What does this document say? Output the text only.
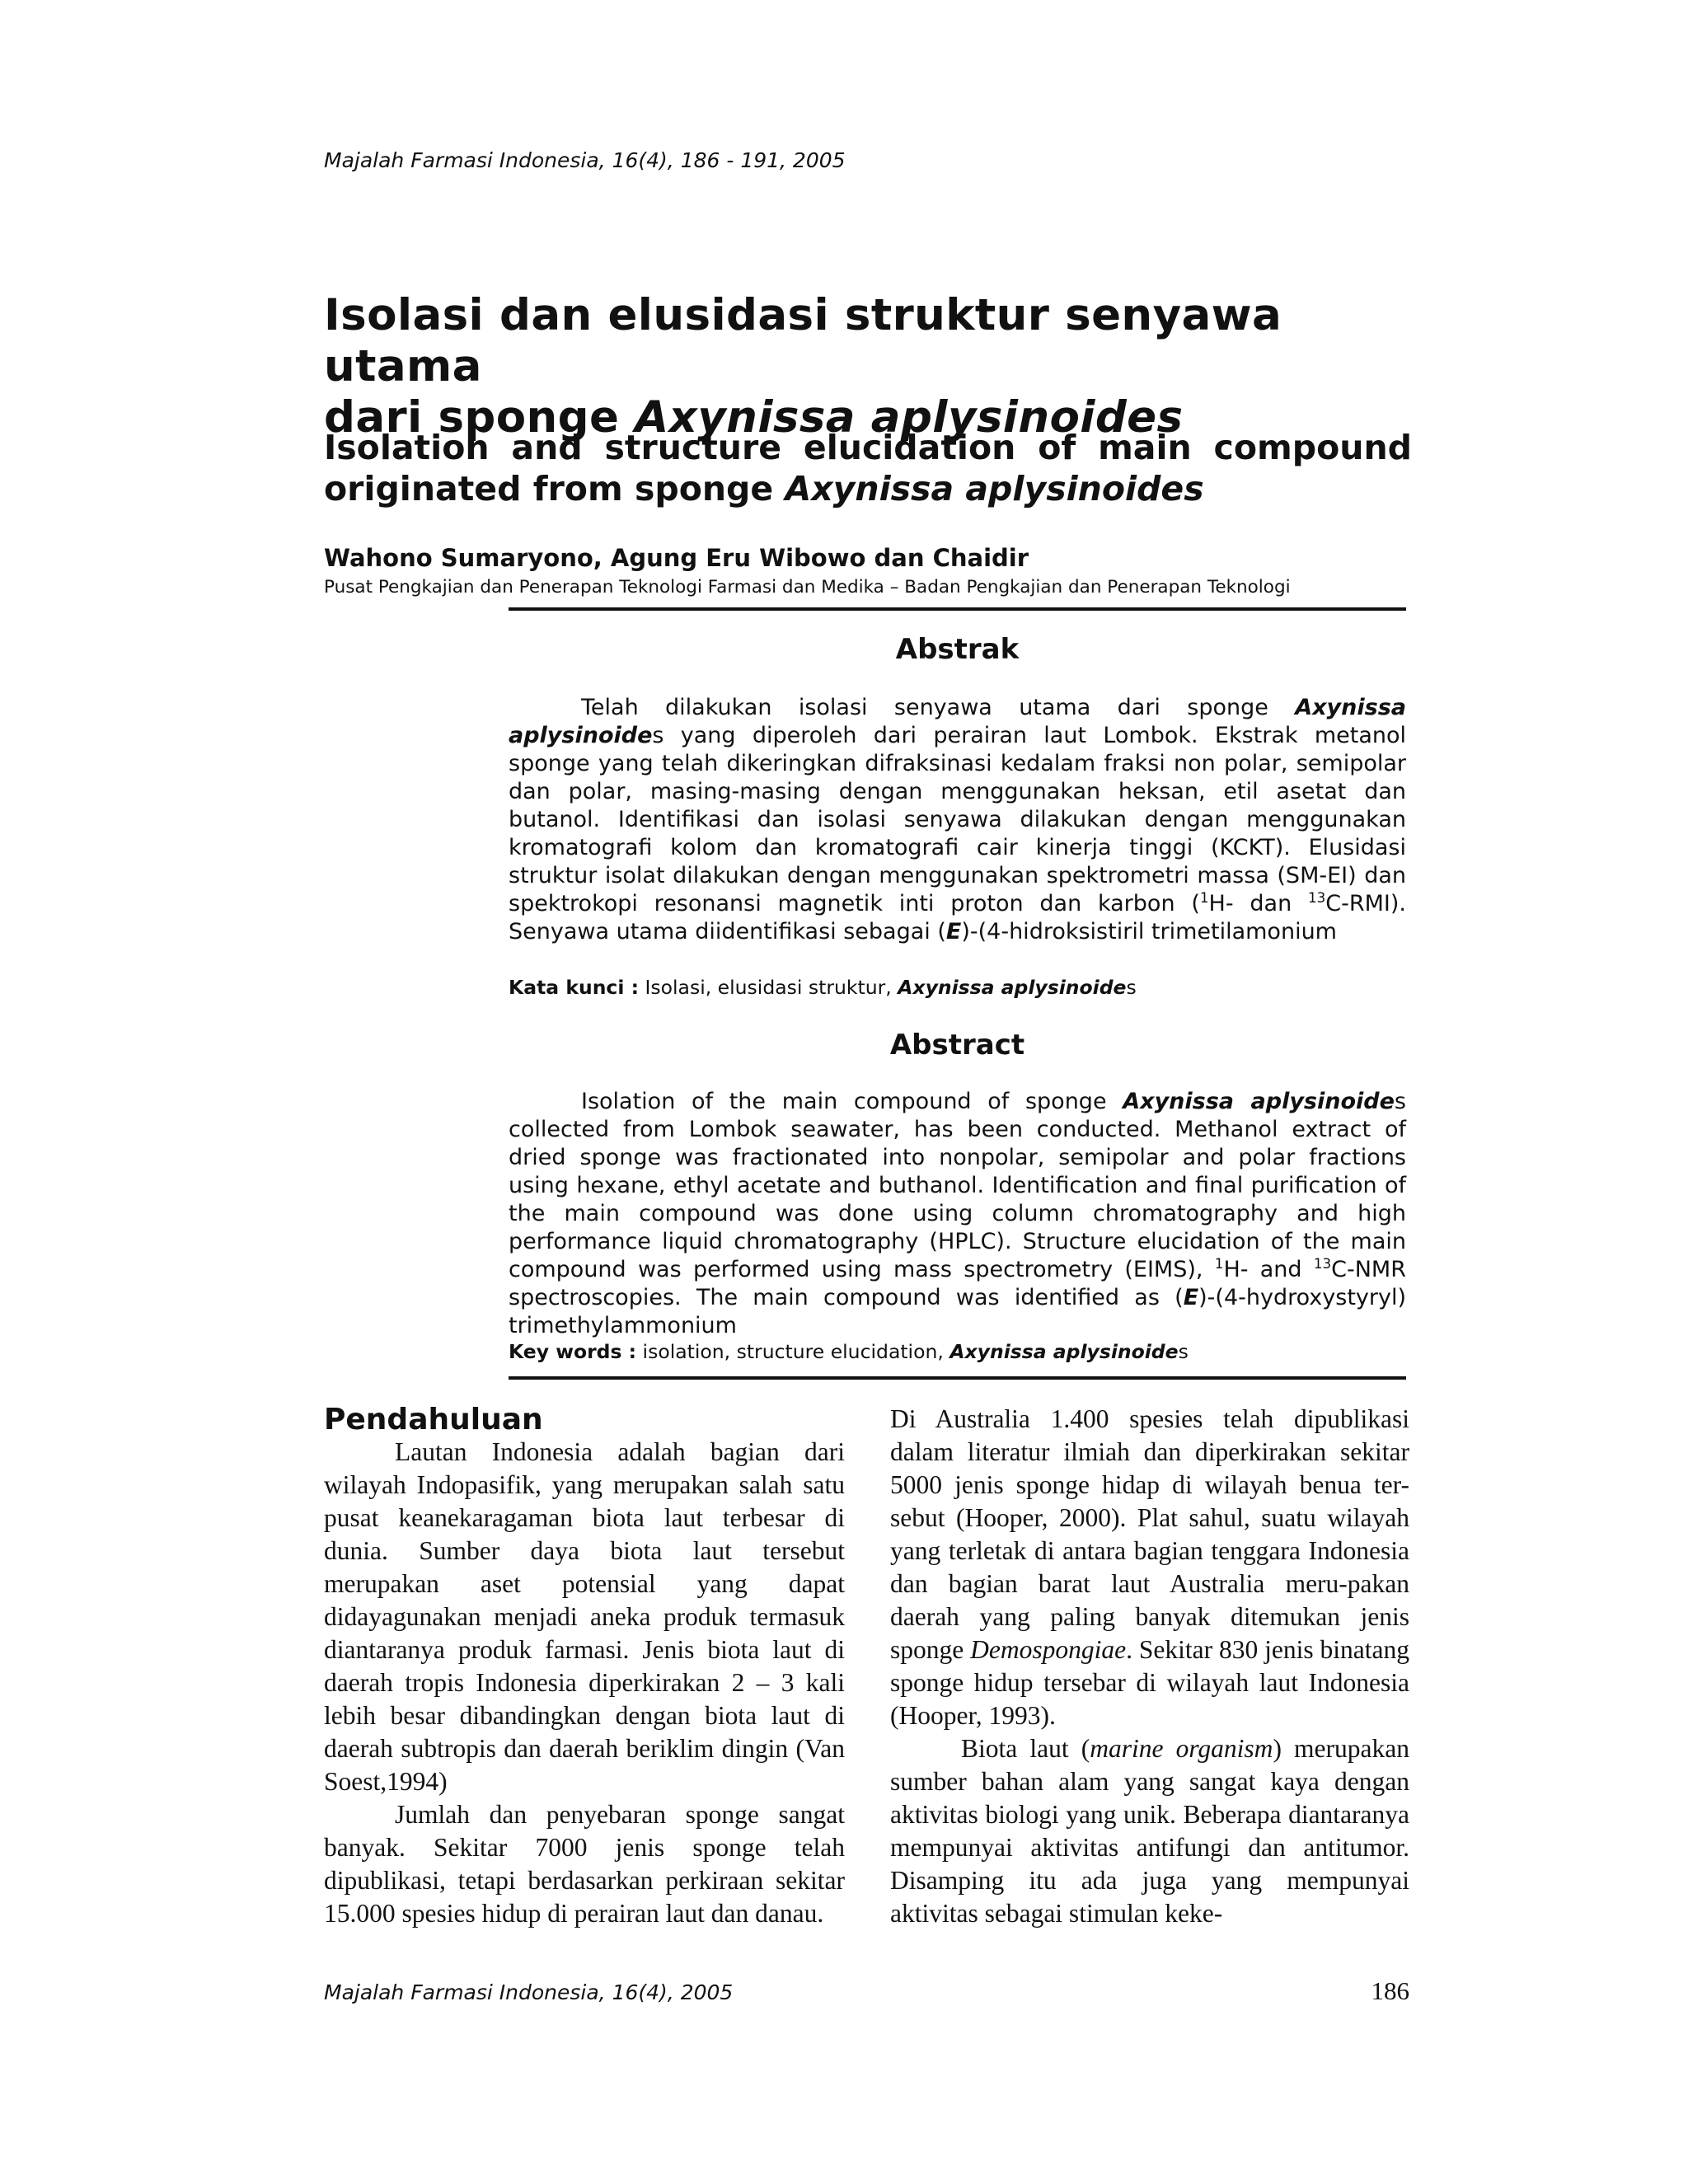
Majalah Farmasi Indonesia, 16(4), 186 - 191, 2005
Isolasi dan elusidasi struktur senyawa utama
dari sponge Axynissa aplysinoides
Isolation and structure elucidation of main compound
originated from sponge Axynissa aplysinoides
Wahono Sumaryono, Agung Eru Wibowo dan Chaidir
Pusat Pengkajian dan Penerapan Teknologi Farmasi dan Medika – Badan Pengkajian dan Penerapan Teknologi
Abstrak

Telah dilakukan isolasi senyawa utama dari sponge Axynissa aplysinoides yang diperoleh dari perairan laut Lombok. Ekstrak metanol sponge yang telah dikeringkan difraksinasi kedalam fraksi non polar, semipolar dan polar, masing-masing dengan menggunakan heksan, etil asetat dan butanol. Identifikasi dan isolasi senyawa dilakukan dengan menggunakan kromatografi kolom dan kromatografi cair kinerja tinggi (KCKT). Elusidasi struktur isolat dilakukan dengan menggunakan spektrometri massa (SM-EI) dan spektrokopi resonansi magnetik inti proton dan karbon ($^1$H- dan $^{13}$C-RMI). Senyawa utama diidentifikasi sebagai (E)-(4-hidroksistiril trimetilamonium

Kata kunci : Isolasi, elusidasi struktur, Axynissa aplysinoides
Abstract

Isolation of the main compound of sponge Axynissa aplysinoides collected from Lombok seawater, has been conducted. Methanol extract of dried sponge was fractionated into nonpolar, semipolar and polar fractions using hexane, ethyl acetate and buthanol. Identification and final purification of the main compound was done using column chromatography and high performance liquid chromatography (HPLC). Structure elucidation of the main compound was performed using mass spectrometry (EIMS), $^1$H- and $^{13}$C-NMR spectroscopies. The main compound was identified as (E)-(4-hydroxystyryl) trimethylammonium

Key words : isolation, structure elucidation, Axynissa aplysinoides
Pendahuluan

Lautan Indonesia adalah bagian dari wilayah Indopasifik, yang merupakan salah satu pusat keanekaragaman biota laut terbesar di dunia. Sumber daya biota laut tersebut merupakan aset potensial yang dapat didayagunakan menjadi aneka produk termasuk diantaranya produk farmasi. Jenis biota laut di daerah tropis Indonesia diperkirakan 2 – 3 kali lebih besar dibandingkan dengan biota laut di daerah subtropis dan daerah beriklim dingin (Van Soest,1994)

Jumlah dan penyebaran sponge sangat banyak. Sekitar 7000 jenis sponge telah dipublikasi, tetapi berdasarkan perkiraan sekitar 15.000 spesies hidup di perairan laut dan danau.

Di Australia 1.400 spesies telah dipublikasi dalam literatur ilmiah dan diperkirakan sekitar 5000 jenis sponge hidap di wilayah benua ter-sebut (Hooper, 2000). Plat sahul, suatu wilayah yang terletak di antara bagian tenggara Indonesia dan bagian barat laut Australia meru-pakan daerah yang paling banyak ditemukan jenis sponge Demospongiae. Sekitar 830 jenis binatang sponge hidup tersebar di wilayah laut Indonesia (Hooper, 1993).

Biota laut (marine organism) merupakan sumber bahan alam yang sangat kaya dengan aktivitas biologi yang unik. Beberapa diantaranya mempunyai aktivitas antifungi dan antitumor. Disamping itu ada juga yang mempunyai aktivitas sebagai stimulan keke-

Majalah Farmasi Indonesia, 16(4), 2005	186
